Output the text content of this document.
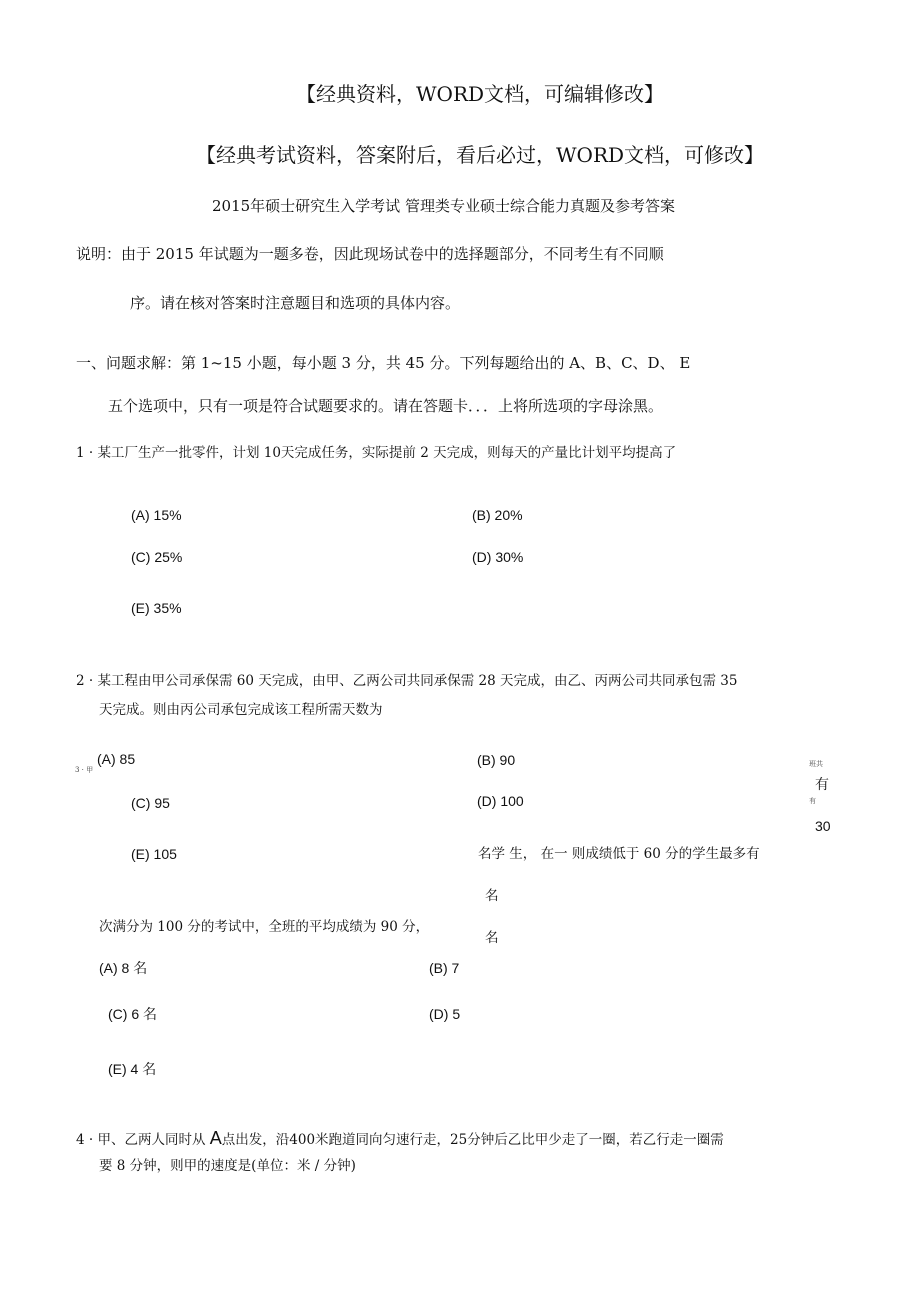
【经典资料，WORD文档，可编辑修改】
【经典考试资料，答案附后，看后必过，WORD文档，可修改】
2015年硕士研究生入学考试 管理类专业硕士综合能力真题及参考答案
说明：由于 2015 年试题为一题多卷，因此现场试卷中的选择题部分，不同考生有不同顺
序。请在核对答案时注意题目和选项的具体内容。
一、问题求解：第 1~15 小题，每小题 3 分，共 45 分。下列每题给出的 A、B、C、D、 E
五个选项中，只有一项是符合试题要求的。请在答题卡．．．上将所选项的字母涂黑。
1 · 某工厂生产一批零件，计划 10天完成任务，实际提前 2 天完成，则每天的产量比计划平均提高了
(A) 15%	(B) 20%
(C) 25%	(D) 30%
(E) 35%
2 · 某工程由甲公司承保需 60 天完成，由甲、乙两公司共同承保需 28 天完成，由乙、丙两公司共同承包需 35
天完成。则由丙公司承包完成该工程所需天数为
(A) 85	(B) 90
(C) 95	(D) 100
(E) 105
3 · 甲
班共
有
有
30
名学 生， 在一 则成绩低于 60 分的学生最多有
名
次满分为 100 分的考试中，全班的平均成绩为 90 分，
名
(A) 8 名	(B) 7
(C) 6 名	(D) 5
(E) 4 名
4 · 甲、乙两人同时从 A点出发，沿400米跑道同向匀速行走，25分钟后乙比甲少走了一圈，若乙行走一圈需
要 8 分钟，则甲的速度是(单位：米 / 分钟)
